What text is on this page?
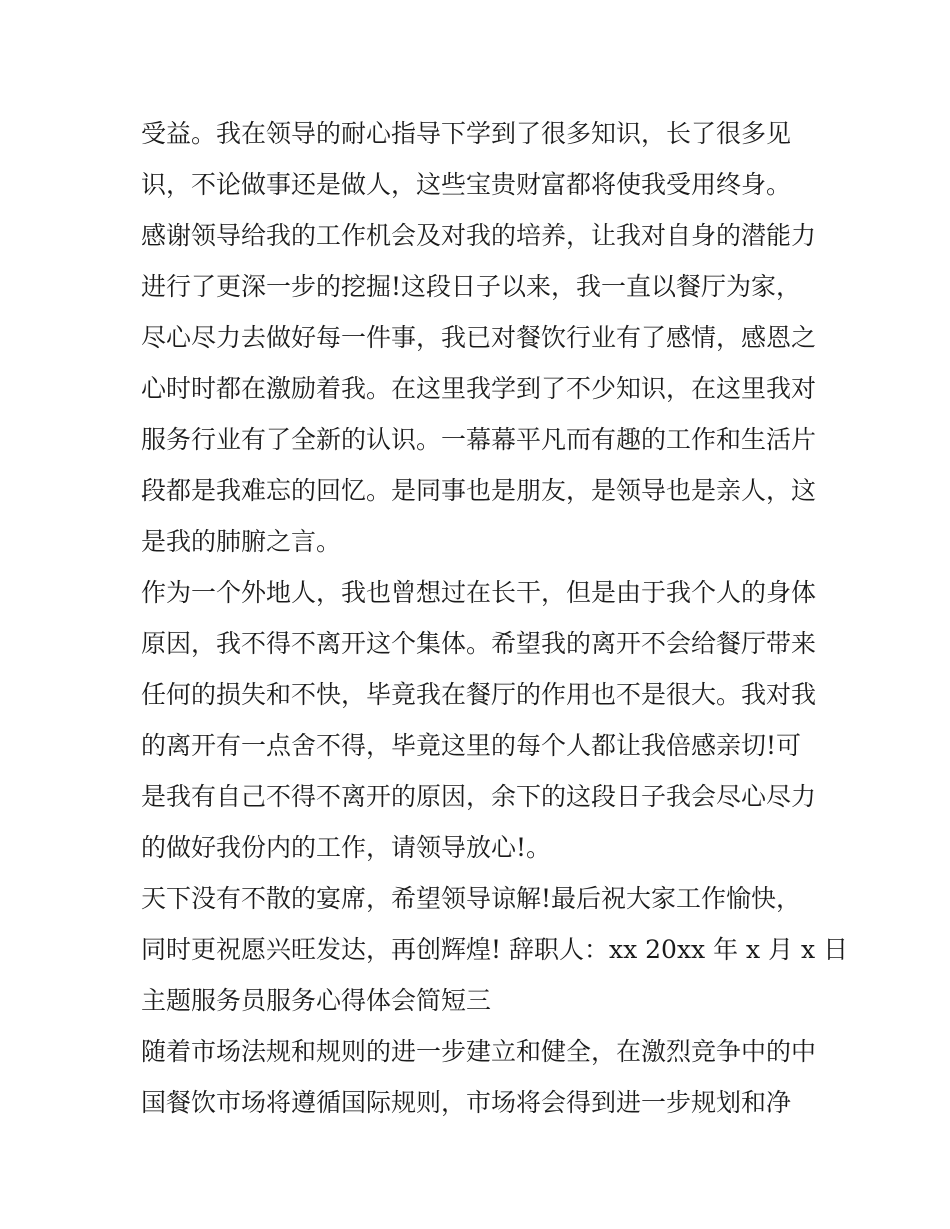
受益。我在领导的耐心指导下学到了很多知识，长了很多见
识，不论做事还是做人，这些宝贵财富都将使我受用终身。
感谢领导给我的工作机会及对我的培养，让我对自身的潜能力
进行了更深一步的挖掘!这段日子以来，我一直以餐厅为家，
尽心尽力去做好每一件事，我已对餐饮行业有了感情，感恩之
心时时都在激励着我。在这里我学到了不少知识，在这里我对
服务行业有了全新的认识。一幕幕平凡而有趣的工作和生活片
段都是我难忘的回忆。是同事也是朋友，是领导也是亲人，这
是我的肺腑之言。
作为一个外地人，我也曾想过在长干，但是由于我个人的身体
原因，我不得不离开这个集体。希望我的离开不会给餐厅带来
任何的损失和不快，毕竟我在餐厅的作用也不是很大。我对我
的离开有一点舍不得，毕竟这里的每个人都让我倍感亲切!可
是我有自己不得不离开的原因，余下的这段日子我会尽心尽力
的做好我份内的工作，请领导放心!。
天下没有不散的宴席，希望领导谅解!最后祝大家工作愉快，
同时更祝愿兴旺发达，再创辉煌! 辞职人：xx 20xx 年 x 月 x 日
主题服务员服务心得体会简短三
随着市场法规和规则的进一步建立和健全，在激烈竞争中的中
国餐饮市场将遵循国际规则，市场将会得到进一步规划和净
